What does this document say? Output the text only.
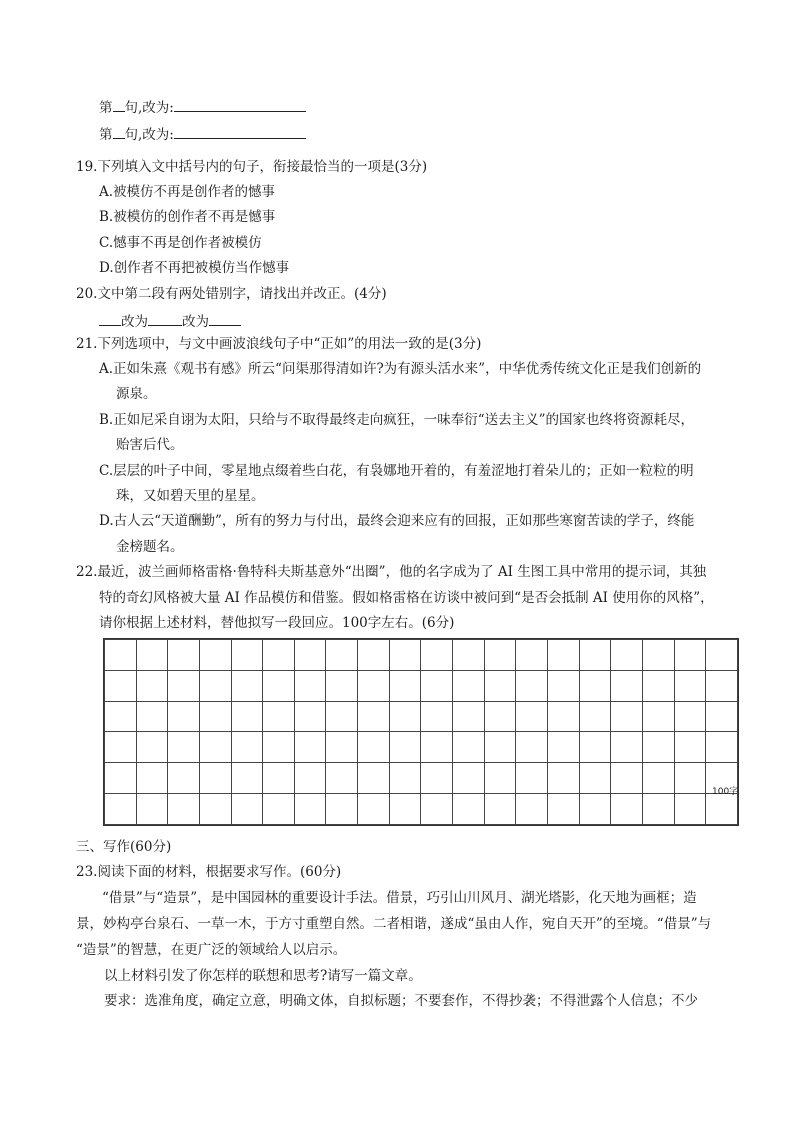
第 句,改为:
第 句,改为:
19.下列填入文中括号内的句子，衔接最恰当的一项是(3分)
A.被模仿不再是创作者的憾事
B.被模仿的创作者不再是憾事
C.憾事不再是创作者被模仿
D.创作者不再把被模仿当作憾事
20.文中第二段有两处错别字，请找出并改正。(4分)
改为	改为
21.下列选项中，与文中画波浪线句子中“正如”的用法一致的是(3分)
A.正如朱熹《观书有感》所云“问渠那得清如许?为有源头活水来”，中华优秀传统文化正是我们创新的
源泉。
B.正如尼采自诩为太阳，只给与不取得最终走向疯狂，一味奉衍“送去主义”的国家也终将资源耗尽，
贻害后代。
C.层层的叶子中间，零星地点缀着些白花，有袅娜地开着的，有羞涩地打着朵儿的；正如一粒粒的明
珠，又如碧天里的星星。
D.古人云“天道酬勤”，所有的努力与付出，最终会迎来应有的回报，正如那些寒窗苦读的学子，终能
金榜题名。
22.最近，波兰画师格雷格·鲁特科夫斯基意外“出圈”，他的名字成为了 AI 生图工具中常用的提示词，其独
特的奇幻风格被大量 AI 作品模仿和借鉴。假如格雷格在访谈中被问到“是否会抵制 AI 使用你的风格”，
请你根据上述材料，替他拟写一段回应。100字左右。(6分)

100字
三、写作(60分)
23.阅读下面的材料，根据要求写作。(60分)
“借景”与“造景”，是中国园林的重要设计手法。借景，巧引山川风月、湖光塔影，化天地为画框；造
景，妙构亭台泉石、一草一木，于方寸重塑自然。二者相谐，遂成“虽由人作，宛自天开”的至境。“借景”与
“造景”的智慧，在更广泛的领域给人以启示。
以上材料引发了你怎样的联想和思考?请写一篇文章。
要求：选准角度，确定立意，明确文体，自拟标题；不要套作，不得抄袭；不得泄露个人信息；不少
